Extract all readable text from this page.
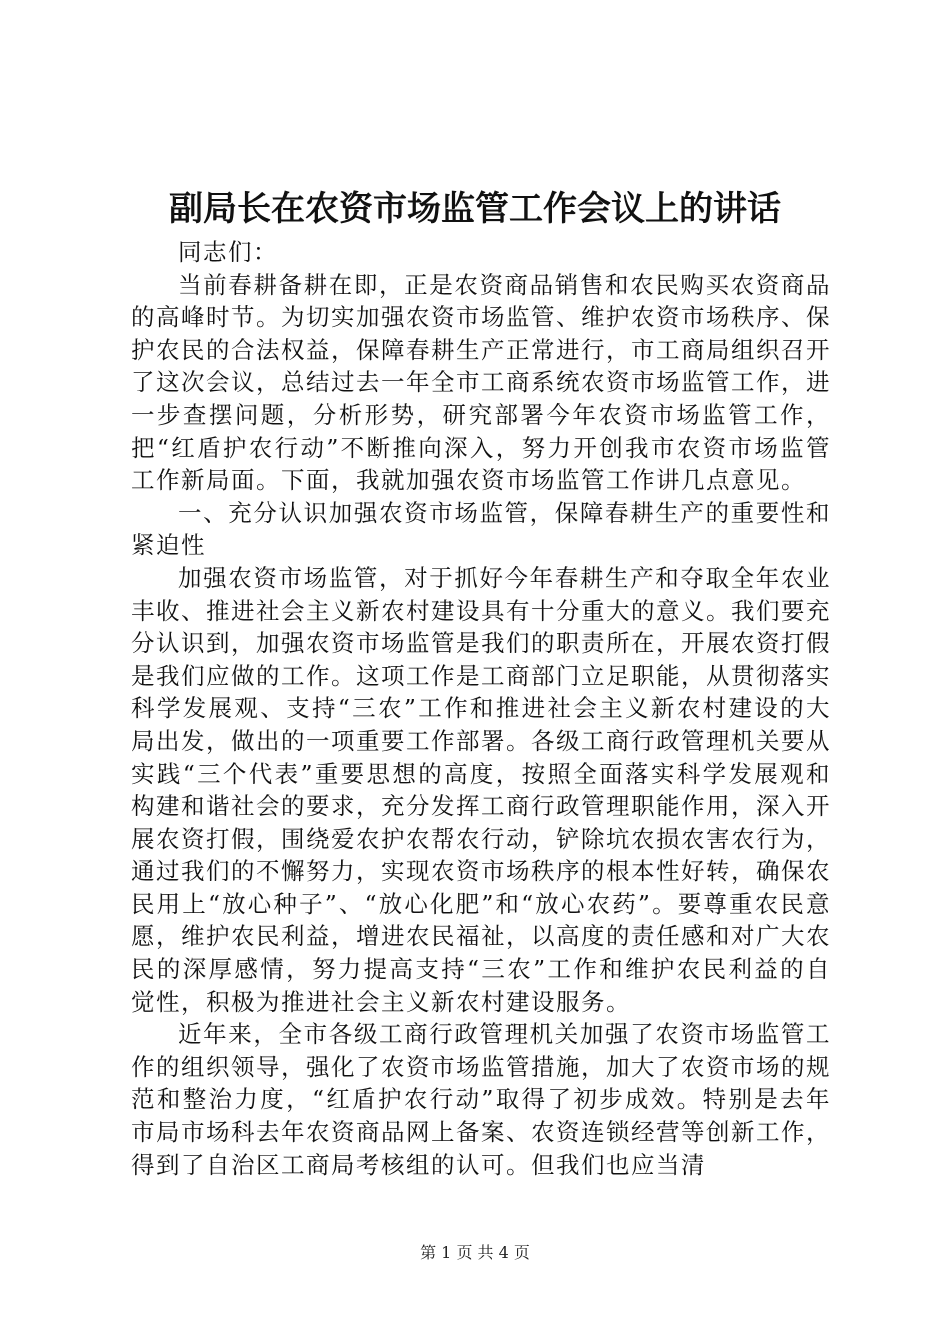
副局长在农资市场监管工作会议上的讲话

同志们：

当前春耕备耕在即，正是农资商品销售和农民购买农资商品的高峰时节。为切实加强农资市场监管、维护农资市场秩序、保护农民的合法权益，保障春耕生产正常进行，市工商局组织召开了这次会议，总结过去一年全市工商系统农资市场监管工作，进一步查摆问题，分析形势，研究部署今年农资市场监管工作，把“红盾护农行动”不断推向深入，努力开创我市农资市场监管工作新局面。下面，我就加强农资市场监管工作讲几点意见。

一、充分认识加强农资市场监管，保障春耕生产的重要性和紧迫性

加强农资市场监管，对于抓好今年春耕生产和夺取全年农业丰收、推进社会主义新农村建设具有十分重大的意义。我们要充分认识到，加强农资市场监管是我们的职责所在，开展农资打假是我们应做的工作。这项工作是工商部门立足职能，从贯彻落实科学发展观、支持“三农”工作和推进社会主义新农村建设的大局出发，做出的一项重要工作部署。各级工商行政管理机关要从实践“三个代表”重要思想的高度，按照全面落实科学发展观和构建和谐社会的要求，充分发挥工商行政管理职能作用，深入开展农资打假，围绕爱农护农帮农行动，铲除坑农损农害农行为，通过我们的不懈努力，实现农资市场秩序的根本性好转，确保农民用上“放心种子”、“放心化肥”和“放心农药”。要尊重农民意愿，维护农民利益，增进农民福祉，以高度的责任感和对广大农民的深厚感情，努力提高支持“三农”工作和维护农民利益的自觉性，积极为推进社会主义新农村建设服务。

近年来，全市各级工商行政管理机关加强了农资市场监管工作的组织领导，强化了农资市场监管措施，加大了农资市场的规范和整治力度，“红盾护农行动”取得了初步成效。特别是去年市局市场科去年农资商品网上备案、农资连锁经营等创新工作，得到了自治区工商局考核组的认可。但我们也应当清

第 1 页 共 4 页
